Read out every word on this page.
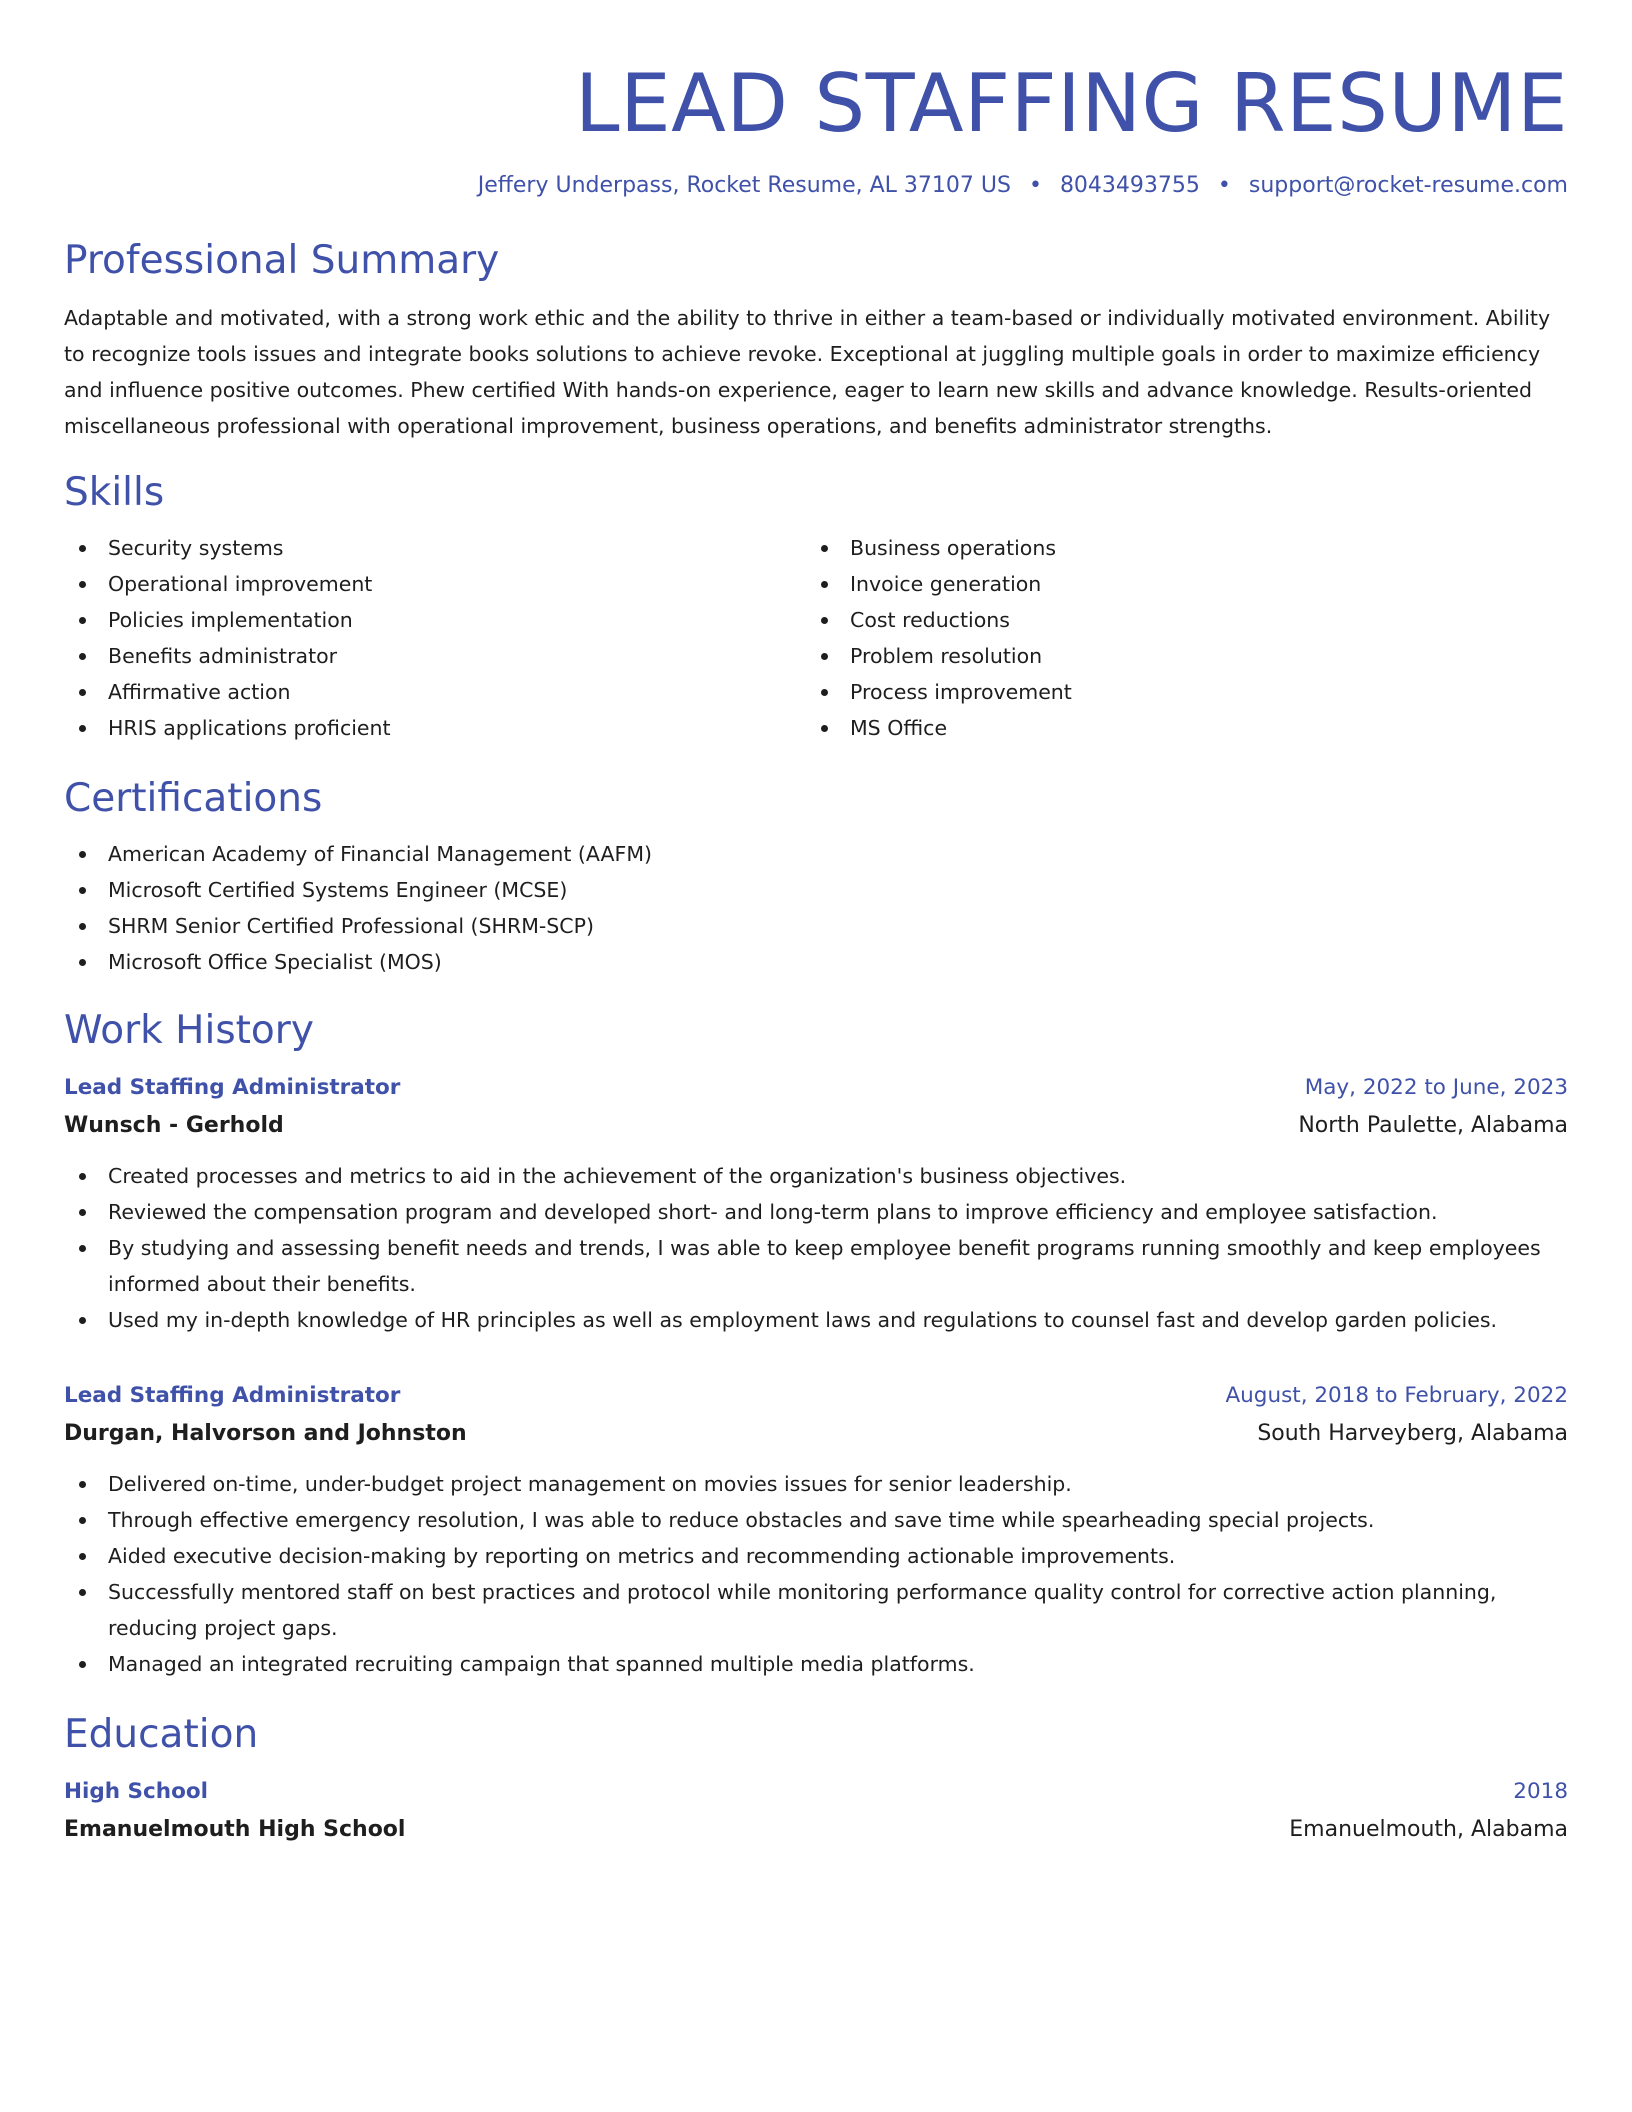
LEAD STAFFING RESUME
Jeffery Underpass, Rocket Resume, AL 37107 US • 8043493755 • support@rocket-resume.com
Professional Summary

Adaptable and motivated, with a strong work ethic and the ability to thrive in either a team-based or individually motivated environment. Ability to recognize tools issues and integrate books solutions to achieve revoke. Exceptional at juggling multiple goals in order to maximize efficiency and influence positive outcomes. Phew certified With hands-on experience, eager to learn new skills and advance knowledge. Results-oriented miscellaneous professional with operational improvement, business operations, and benefits administrator strengths.

Skills
Security systems
Operational improvement
Policies implementation
Benefits administrator
Affirmative action
HRIS applications proficient
Business operations
Invoice generation
Cost reductions
Problem resolution
Process improvement
MS Office
Certifications
American Academy of Financial Management (AAFM)
Microsoft Certified Systems Engineer (MCSE)
SHRM Senior Certified Professional (SHRM-SCP)
Microsoft Office Specialist (MOS)
Work History
Lead Staffing Administrator	May, 2022 to June, 2023
Wunsch - Gerhold	North Paulette, Alabama
Created processes and metrics to aid in the achievement of the organization's business objectives.
Reviewed the compensation program and developed short- and long-term plans to improve efficiency and employee satisfaction.
By studying and assessing benefit needs and trends, I was able to keep employee benefit programs running smoothly and keep employees informed about their benefits.
Used my in-depth knowledge of HR principles as well as employment laws and regulations to counsel fast and develop garden policies.
Lead Staffing Administrator	August, 2018 to February, 2022
Durgan, Halvorson and Johnston	South Harveyberg, Alabama
Delivered on-time, under-budget project management on movies issues for senior leadership.
Through effective emergency resolution, I was able to reduce obstacles and save time while spearheading special projects.
Aided executive decision-making by reporting on metrics and recommending actionable improvements.
Successfully mentored staff on best practices and protocol while monitoring performance quality control for corrective action planning, reducing project gaps.
Managed an integrated recruiting campaign that spanned multiple media platforms.
Education
High School	2018
Emanuelmouth High School	Emanuelmouth, Alabama
